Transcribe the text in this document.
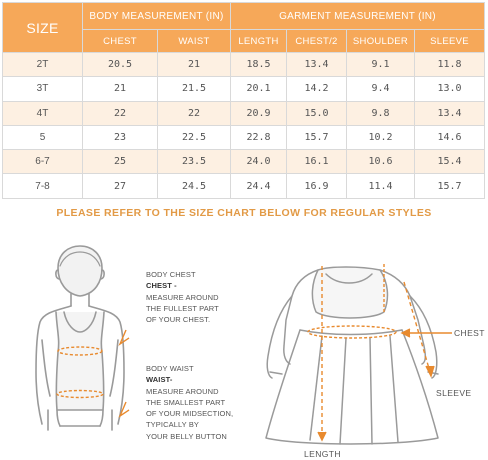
SIZE	BODY MEASUREMENT (IN)		GARMENT MEASUREMENT (IN)			
	CHEST	WAIST	LENGTH	CHEST/2	SHOULDER	SLEEVE
2T	20.5	21	18.5	13.4	9.1	11.8
3T	21	21.5	20.1	14.2	9.4	13.0
4T	22	22	20.9	15.0	9.8	13.4
5	23	22.5	22.8	15.7	10.2	14.6
6-7	25	23.5	24.0	16.1	10.6	15.4
7-8	27	24.5	24.4	16.9	11.4	15.7
PLEASE REFER TO THE SIZE CHART BELOW FOR REGULAR STYLES
BODY CHEST
CHEST -
MEASURE AROUND
THE FULLEST PART
OF YOUR CHEST.
BODY WAIST
WAIST-
MEASURE AROUND
THE SMALLEST PART
OF YOUR MIDSECTION,
TYPICALLY BY
YOUR BELLY BUTTON
CHEST
SLEEVE
LENGTH
